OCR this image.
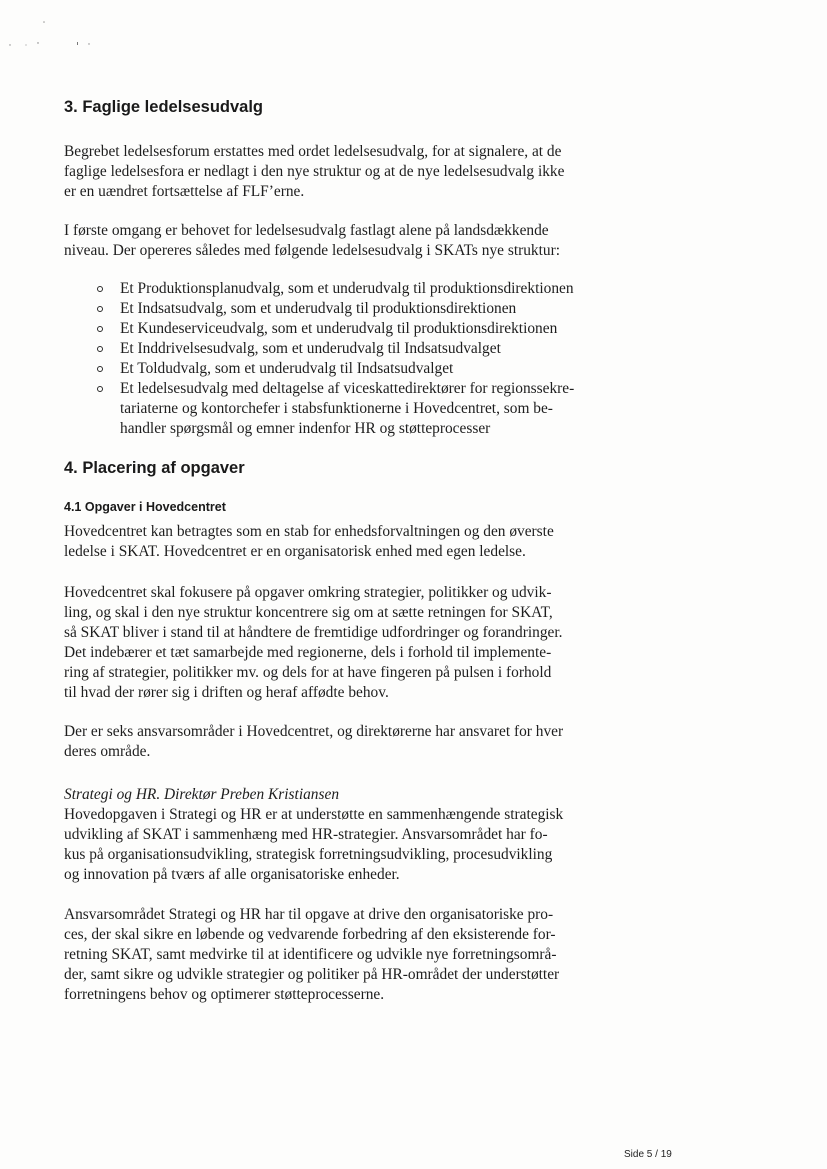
3. Faglige ledelsesudvalg
Begrebet ledelsesforum erstattes med ordet ledelsesudvalg, for at signalere, at de
faglige ledelsesfora er nedlagt i den nye struktur og at de nye ledelsesudvalg ikke
er en uændret fortsættelse af FLF’erne.
I første omgang er behovet for ledelsesudvalg fastlagt alene på landsdækkende
niveau. Der opereres således med følgende ledelsesudvalg i SKATs nye struktur:
Et Produktionsplanudvalg, som et underudvalg til produktionsdirektionen
Et Indsatsudvalg, som et underudvalg til produktionsdirektionen
Et Kundeserviceudvalg, som et underudvalg til produktionsdirektionen
Et Inddrivelsesudvalg, som et underudvalg til Indsatsudvalget
Et Toldudvalg, som et underudvalg til Indsatsudvalget
Et ledelsesudvalg med deltagelse af viceskattedirektører for regionssekre-
tariaterne og kontorchefer i stabsfunktionerne i Hovedcentret, som be-
handler spørgsmål og emner indenfor HR og støtteprocesser
4. Placering af opgaver
4.1 Opgaver i Hovedcentret
Hovedcentret kan betragtes som en stab for enhedsforvaltningen og den øverste
ledelse i SKAT. Hovedcentret er en organisatorisk enhed med egen ledelse.
Hovedcentret skal fokusere på opgaver omkring strategier, politikker og udvik-
ling, og skal i den nye struktur koncentrere sig om at sætte retningen for SKAT,
så SKAT bliver i stand til at håndtere de fremtidige udfordringer og forandringer.
Det indebærer et tæt samarbejde med regionerne, dels i forhold til implemente-
ring af strategier, politikker mv. og dels for at have fingeren på pulsen i forhold
til hvad der rører sig i driften og heraf affødte behov.
Der er seks ansvarsområder i Hovedcentret, og direktørerne har ansvaret for hver
deres område.
Strategi og HR. Direktør Preben Kristiansen
Hovedopgaven i Strategi og HR er at understøtte en sammenhængende strategisk
udvikling af SKAT i sammenhæng med HR-strategier. Ansvarsområdet har fo-
kus på organisationsudvikling, strategisk forretningsudvikling, procesudvikling
og innovation på tværs af alle organisatoriske enheder.
Ansvarsområdet Strategi og HR har til opgave at drive den organisatoriske pro-
ces, der skal sikre en løbende og vedvarende forbedring af den eksisterende for-
retning SKAT, samt medvirke til at identificere og udvikle nye forretningsområ-
der, samt sikre og udvikle strategier og politiker på HR-området der understøtter
forretningens behov og optimerer støtteprocesserne.
Side 5 / 19
